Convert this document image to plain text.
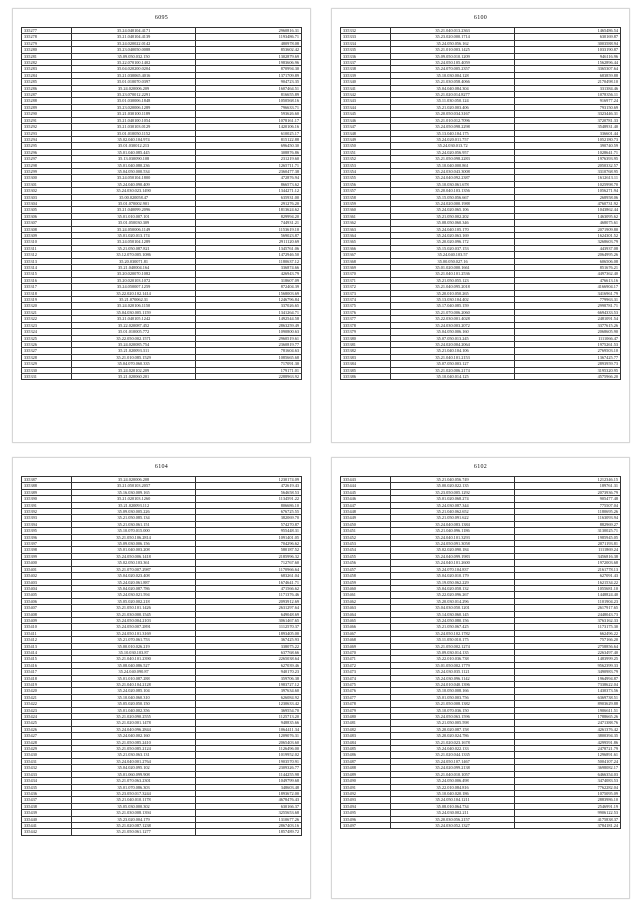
6095
335277	35.24.040104.4171	2960816.31
335278	35.21.040104.4139	1193486.71
335279	35.24.020022.0142	480978.08
335280	35.23.040050.0088	853602.42
335281	35.09.050.032.150	1302879.69
335282	35.22.070100.1402	1983606.96
335283	35.04.020200.0204	870994.30
335284	35.21.030065.4016	1371709.89
335285	35.01.010070.0397	904723.35
335286	35.24.020006.209	1607464.51
335287	35.23.070012.2291	816655.89
335288	35.01.030006.1848	1050568.16
335289	35.23.020006.1289	796633.71
335290	35.21.030100.1189	593626.60
335291	35.21.040100.1054	1078161.17
335292	35.21.030103.0129	1420106.16
335293	35.01.010050.1152	610025.17
335294	35.02.040.104.974	815122.88
335295	35.01.030012.213	696450.30
335296	35.01.040.085.445	308876.86
335297	35.13.030090.108	231219.60
335298	35.01.040.080.236	1265711.71
335299	35.04.050.000.534	2360477.38
335300	35.24.050104.1800	472876.94
335301	35.24.040.090.409	866573.62
335302	35.24.030.023.1490	1344271.12
335303	35.00.020058.47	635931.00
335304	35.01.070002.901	291276.20
335305	35.21.040099.2096	1813624.62
335306	35.01.010.007.101	829994.20
335307	35.01.050030.309	744931.21
335308	35.24.050006.1149	1153619.10
335309	35.01.020.013.174	569023.87
335310	35.24.050104.1289	2911120.69
335311	35.21.050.087.821	1345761.06
335312	35.12.070.005.1086	1472946.50
335313	35.20.030071.81	1180637.12
335314	35.21.040004.164	336874.66
335315	35.20.020070.1082	426943.79
335316	35.20.020103.1072	318607.09
335317	35.24.050007.1259	872404.39
335318	35.22.020.102.1414	1568003.69
335319	35.21.070062.31	1246796.84
335320	35.24.020106.1150	337026.65
335321	35.04.030.005.1159	1341264.71
335322	35.21.040105.1242	1492544.58
335323	35.22.020087.452	2863259.49
335324	35.01.010005.772	1090800.63
335325	35.22.050.002.1571	2960519.61
335326	35.24.020085.754	2360819.77
335327	35.21.020093.311	781604.63
335328	35.21.010.085.1529	1085665.68
335329	35.04.070.060.335	717091.30
335330	35.24.020102.209	179171.01
335331	35.21.020060.201	2288963.92
6100
335332	35.21.040.013.2363	1465486.54
335333	35.23.020.000.1714	630169.87
335334	35.24.050.056.162	3003588.94
335335	35.21.010.003.1425	1033190.87
335336	35.09.050.010.1209	946116.96
335337	35.24.050.105.4059	1562896.44
335338	35.24.070.005.2357	3365307.64
335339	35.10.030.004.128	683859.88
335340	35.21.030.058.4066	2170498.10
335341	35.04.040.084.304	331384.46
335342	35.21.020.014.8277	1078356.11
335343	35.11.030.050.124	916977.24
335344	35.21.020.003.406	793150.69
335345	35.20.050.034.3167	3323446.31
335346	35.21.010.012.7096	3720781.33
335347	35.24.050.098.2298	3548931.40
335348	35.13.040.104.175	336601.44
335349	35.24.020.011.757	1052180.73
335350	35.24.030.013.72	390740.59
335351	35.24.020.056.957	1028641.71
335352	35.21.050.098.2283	1976393.95
335353	35.10.040.000.861	2050332.57
335354	35.24.030.043.3008	3310768.95
335355	35.24.040.092.2387	1612613.11
335356	35.10.030.061.678	1025998.70
335357	35.20.040.103.1356	1056271.94
335358	35.15.050.056.667	268958.06
335359	35.24.020.000.1988	4760731.92
335360	35.24.020.065.106	1043862.44
335361	35.21.050.002.202	1463095.62
335362	35.08.050.060.346	468075.61
335363	35.24.040.105.170	2071909.80
335364	35.24.020.063.169	1624301.52
335365	35.20.020.096.172	3268603.79
335366	35.15.020.037.153	443937.08
335367	35.24.040.103.57	2064995.26
335368	35.00.050.027.16	606506.08
335369	35.01.020.000.1661	851676.21
335370	35.21.040.101.2536	4497362.40
335371	35.21.050.055.123	476613.16
335372	35.21.040.095.2018	4166904.17
335373	35.20.010.050.265	3416961.79
335374	35.13.030.104.402	779963.31
335375	35.17.040.085.159	2998781.71
335376	35.21.070.006.2060	6694333.53
335377	35.22.030.001.4028	2481091.54
335378	35.24.030.003.2072	3377615.26
335379	35.04.050.006.160	2068605.90
335380	35.07.050.013.245	1111066.47
335381	35.24.020.004.2064	1975261.53
335382	35.21.040.104.106	2769503.10
335383	35.21.040.101.2153	1367425.77
335384	35.07.050.003.127	2893959.73
335385	35.21.020.006.2174	3195320.95
335386	35.10.040.014.125	4575966.20
6104
335387	35.24.020006.208	1230174.09
335388	35.21.050103.2057	472619.43
335389	35.16.030.009.165	564658.53
335390	35.21.020103.1260	1134591.22
335391	35.21.020093.112	806686.10
335392	35.09.030.005.226	676725.55
335393	35.21.050.085.134	382069.70
335394	35.21.030.061.151	574270.87
335395	35.10.070.015.000	955448.31
335396	35.21.050.106.2814	1091401.05
335397	35.09.030.006.156	704296.62
335398	35.01.040.003.208	580187.52
335399	35.24.050.006.1418	2185996.32
335400	35.02.050.103.361	712767.60
335401	35.21.070.007.2987	1170966.64
335402	35.04.020.023.408	683261.04
335403	35.24.020.061.887	1674641.71
335404	35.04.020.087.786	471566.62
335405	35.24.030.021.594	1171376.46
335406	35.05.020.002.218	2093912.69
335407	35.21.050.101.1426	2631297.64
335408	35.21.030.000.1545	649048.69
335409	35.24.050.004.2103	3061467.65
335410	35.24.050.007.2891	1112570.37
335411	35.24.050.101.3169	1893405.00
335412	35.21.070.061.753	367425.93
335413	35.00.010.026.219	338075.22
335414	35.10.030.103.87	637768.66
335415	35.21.040.101.2390	2265038.64
335416	35.08.040.086.527	627039.46
335417	35.24.040.090.87	940170.23
335418	35.01.010.087.288	359706.38
335419	35.21.040.104.2128	1983727.12
335420	35.24.020.085.104	397634.60
335421	35.10.040.060.310	626084.92
335422	35.05.020.050.150	1230633.42
335423	35.01.040.002.356	369554.70
335424	35.21.020.090.2555	1125713.20
335425	35.21.020.001.1478	948835.66
335426	35.24.040.096.2844	1064411.34
335427	35.24.040.002.160	1209076.31
335428	35.21.050.085.2410	2065403.60
335429	35.21.050.085.2124	1126496.00
335430	35.21.030.063.131	1019952.02
335431	35.24.040.001.2764	1903570.91
335432	35.04.020.095.102	2309326.77
335433	35.01.060.099.908	1144255.98
335434	35.21.070.063.2301	1049799.68
335435	35.01.070.086.303	348603.48
335436	35.23.050.017.3244	1893672.00
335437	35.21.040.010.1178	4678476.43
335438	35.05.030.000.302	630166.37
335439	35.21.030.008.1394	3255653.68
335440	35.23.020.004.179	1310677.26
335441	35.21.020.087.1238	2867403.16
335442	35.21.050.061.1277	1857489.72
6102
335443	35.21.040.056.749	1212346.15
335444	35.00.020.022.135	189761.31
335445	35.23.050.005.1292	2073936.79
335446	35.01.020.068.274	905477.48
335447	35.24.030.087.344	775507.04
335448	35.21.040.062.652	1180695.26
335449	35.21.050.091.622	1163093.94
335450	35.24.040.083.1384	882969.27
335451	35.21.040.096.1186	3130025.71
335452	35.24.040.101.3293	1985945.05
335453	35.24.050.091.3058	2071193.81
335454	35.02.020.090.184	1111869.24
335455	35.24.040.099.1983	3456816.38
335456	35.24.040.101.2600	1972003.68
335457	35.24.070.104.837	2161778.13
335458	35.04.020.010.179	627091.43
335459	35.19.050.062.229	1621534.22
335460	35.04.020.058.132	1055681.10
335461	35.22.020.096.267	1448824.40
335462	35.20.030.014.296	1101904.23
335463	35.04.030.050.1201	2617917.65
335464	35.14.030.060.145	2448043.73
335465	35.24.050.080.156	3763162.33
335466	35.21.050.067.425	1173175.30
335467	35.24.050.102.1782	662496.22
335468	35.11.050.010.175	757166.20
335469	35.21.050.002.1274	2758856.64
335470	35.09.030.014.135	2263497.40
335471	35.22.010.036.738	1483999.25
335472	35.01.050.002.1779	9562399.33
335473	35.24.030.035.1121	3490983.79
335474	35.24.030.096.1142	1964994.87
335475	35.24.010.040.1396	7338622.04
335476	35.10.050.008.166	1430373.56
335477	35.01.050.003.756	6369738.51
335478	35.21.050.008.1382	8903629.88
335479	35.10.070.036.150	1906611.51
335480	35.24.050.063.1596	1788665.26
335481	35.21.050.005.598	2471388.76
335482	35.20.020.087.158	4261376.42
335483	35.20.020.024.786	3800394.35
335484	35.21.020.023.1678	4299591.86
335485	35.24.040.022.133	2478721.79
335486	35.21.020.044.1335	1296891.61
335487	35.24.050.107.1467	5004107.24
335488	35.24.020.099.2138	3698082.17
335489	35.21.040.010.1057	6466354.03
335490	35.24.050.006.498	3474083.53
335491	35.22.010.084.816	7762282.04
335492	35.10.040.020.186	1075095.09
335493	35.24.050.104.1211	2883986.10
335494	35.08.010.064.734	2546991.19
335495	35.24.030.002.211	9906122.53
335496	35.20.030.056.2157	4175838.37
335497	35.24.030.052.1327	3784181.24
